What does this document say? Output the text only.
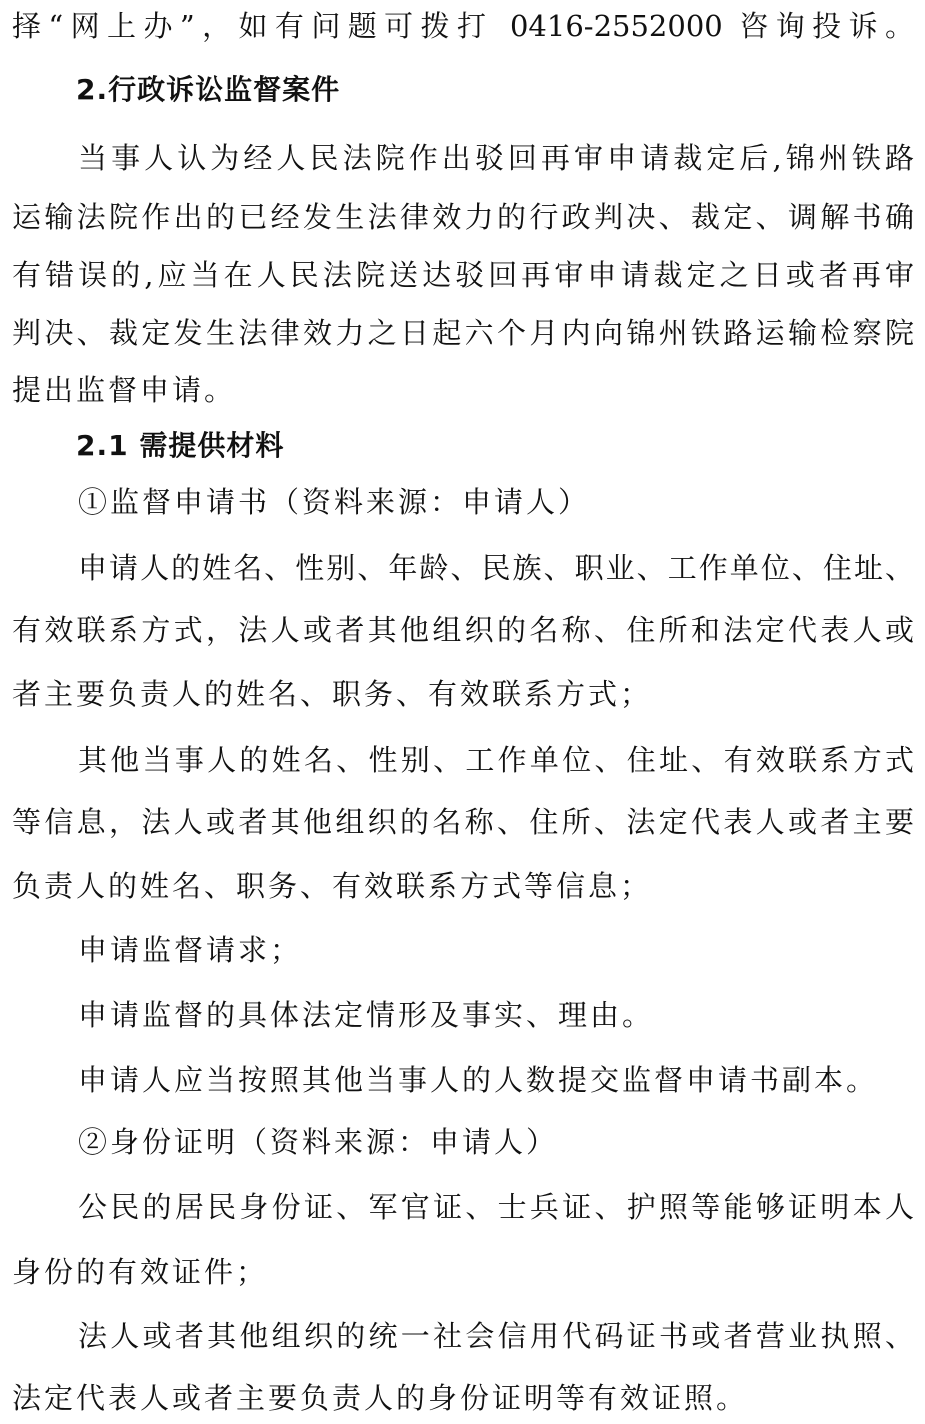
择“网上办”，如有问题可拨打 0416-2552000 咨询投诉。
2.行政诉讼监督案件
当事人认为经人民法院作出驳回再审申请裁定后,锦州铁路
运输法院作出的已经发生法律效力的行政判决、裁定、调解书确
有错误的,应当在人民法院送达驳回再审申请裁定之日或者再审
判决、裁定发生法律效力之日起六个月内向锦州铁路运输检察院
提出监督申请。
2.1 需提供材料
①监督申请书（资料来源：申请人）
申请人的姓名、性别、年龄、民族、职业、工作单位、住址、
有效联系方式，法人或者其他组织的名称、住所和法定代表人或
者主要负责人的姓名、职务、有效联系方式；
其他当事人的姓名、性别、工作单位、住址、有效联系方式
等信息，法人或者其他组织的名称、住所、法定代表人或者主要
负责人的姓名、职务、有效联系方式等信息；
申请监督请求；
申请监督的具体法定情形及事实、理由。
申请人应当按照其他当事人的人数提交监督申请书副本。
②身份证明（资料来源：申请人）
公民的居民身份证、军官证、士兵证、护照等能够证明本人
身份的有效证件；
法人或者其他组织的统一社会信用代码证书或者营业执照、
法定代表人或者主要负责人的身份证明等有效证照。
